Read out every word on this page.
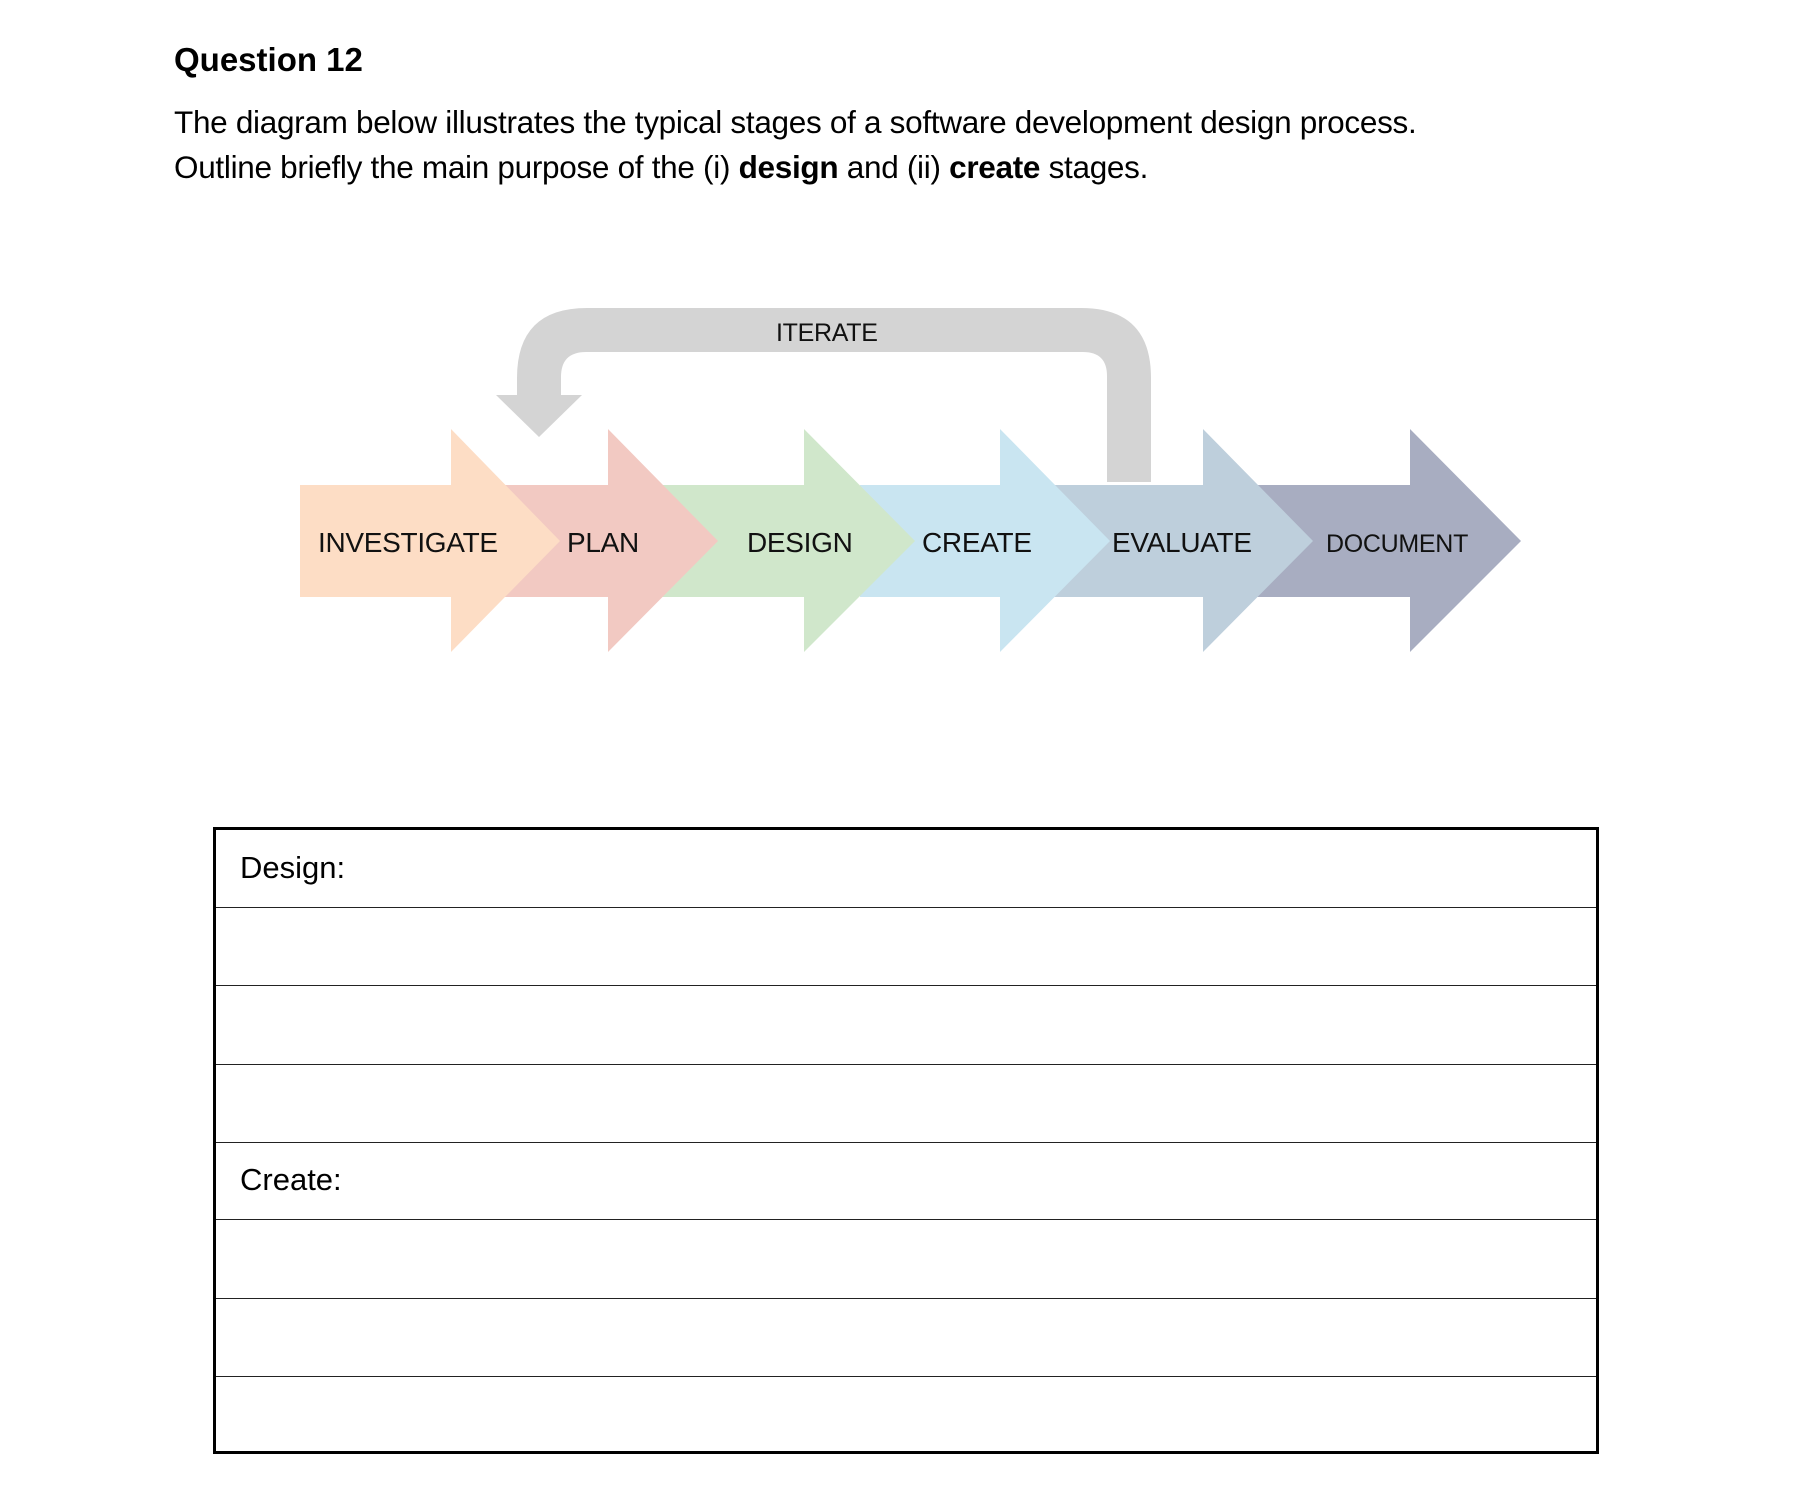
Question 12
The diagram below illustrates the typical stages of a software development design process.
Outline briefly the main purpose of the (i) design and (ii) create stages.
ITERATE
INVESTIGATE PLAN	DESIGN CREATE	EVALUATE	DOCUMENT
Design:
Create:
